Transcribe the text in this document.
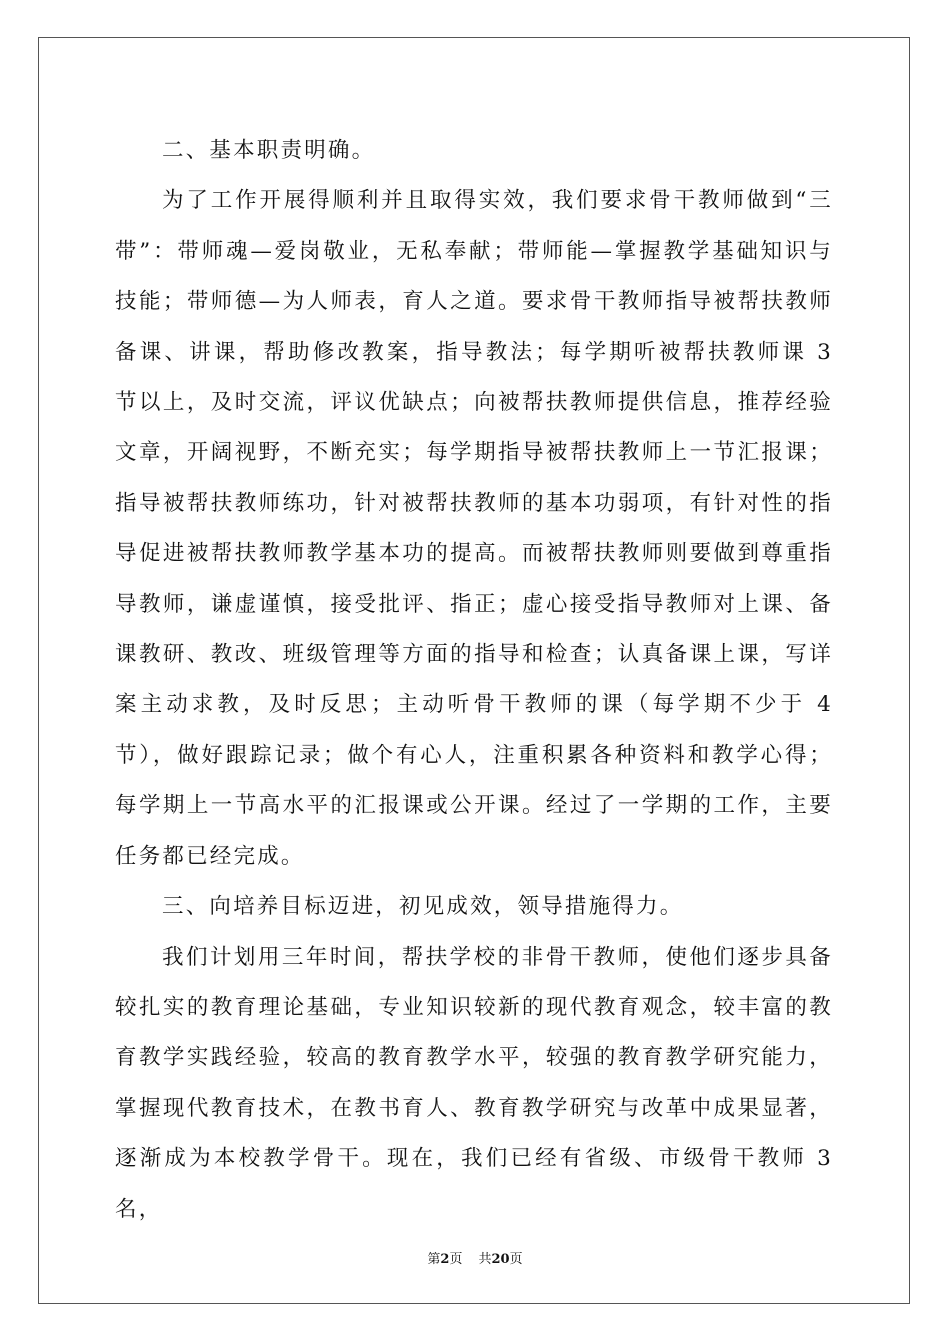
二、基本职责明确。

为了工作开展得顺利并且取得实效，我们要求骨干教师做到“三带”：带师魂—爱岗敬业，无私奉献；带师能—掌握教学基础知识与技能；带师德—为人师表，育人之道。要求骨干教师指导被帮扶教师备课、讲课，帮助修改教案，指导教法；每学期听被帮扶教师课 3 节以上，及时交流，评议优缺点；向被帮扶教师提供信息，推荐经验文章，开阔视野，不断充实；每学期指导被帮扶教师上一节汇报课；指导被帮扶教师练功，针对被帮扶教师的基本功弱项，有针对性的指导促进被帮扶教师教学基本功的提高。而被帮扶教师则要做到尊重指导教师，谦虚谨慎，接受批评、指正；虚心接受指导教师对上课、备课教研、教改、班级管理等方面的指导和检查；认真备课上课，写详案主动求教，及时反思；主动听骨干教师的课（每学期不少于 4 节），做好跟踪记录；做个有心人，注重积累各种资料和教学心得；每学期上一节高水平的汇报课或公开课。经过了一学期的工作，主要任务都已经完成。

三、向培养目标迈进，初见成效，领导措施得力。

我们计划用三年时间，帮扶学校的非骨干教师，使他们逐步具备较扎实的教育理论基础，专业知识较新的现代教育观念，较丰富的教育教学实践经验，较高的教育教学水平，较强的教育教学研究能力，掌握现代教育技术，在教书育人、教育教学研究与改革中成果显著，逐渐成为本校教学骨干。现在，我们已经有省级、市级骨干教师 3 名，

第2页 共20页
